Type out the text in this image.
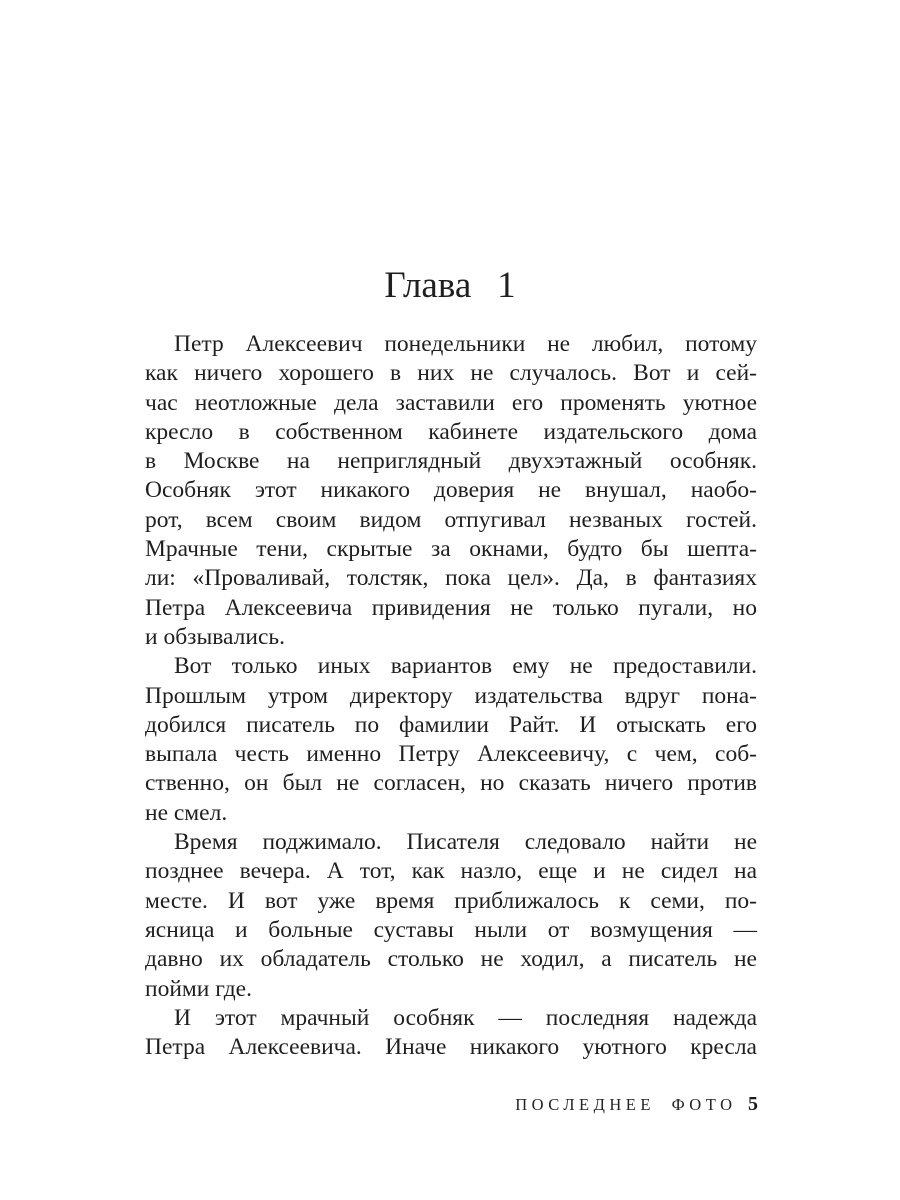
Глава 1
Петр Алексеевич понедельники не любил, потому
как ничего хорошего в них не случалось. Вот и сей-
час неотложные дела заставили его променять уютное
кресло в собственном кабинете издательского дома
в Москве на неприглядный двухэтажный особняк.
Особняк этот никакого доверия не внушал, наобо-
рот, всем своим видом отпугивал незваных гостей.
Мрачные тени, скрытые за окнами, будто бы шепта-
ли: «Проваливай, толстяк, пока цел». Да, в фантазиях
Петра Алексеевича привидения не только пугали, но
и обзывались.
Вот только иных вариантов ему не предоставили.
Прошлым утром директору издательства вдруг пона-
добился писатель по фамилии Райт. И отыскать его
выпала честь именно Петру Алексеевичу, с чем, соб-
ственно, он был не согласен, но сказать ничего против
не смел.
Время поджимало. Писателя следовало найти не
позднее вечера. А тот, как назло, еще и не сидел на
месте. И вот уже время приближалось к семи, по-
ясница и больные суставы ныли от возмущения —
давно их обладатель столько не ходил, а писатель не
пойми где.
И этот мрачный особняк — последняя надежда
Петра Алексеевича. Иначе никакого уютного кресла
ПОСЛЕДНЕЕ ФОТО 5
